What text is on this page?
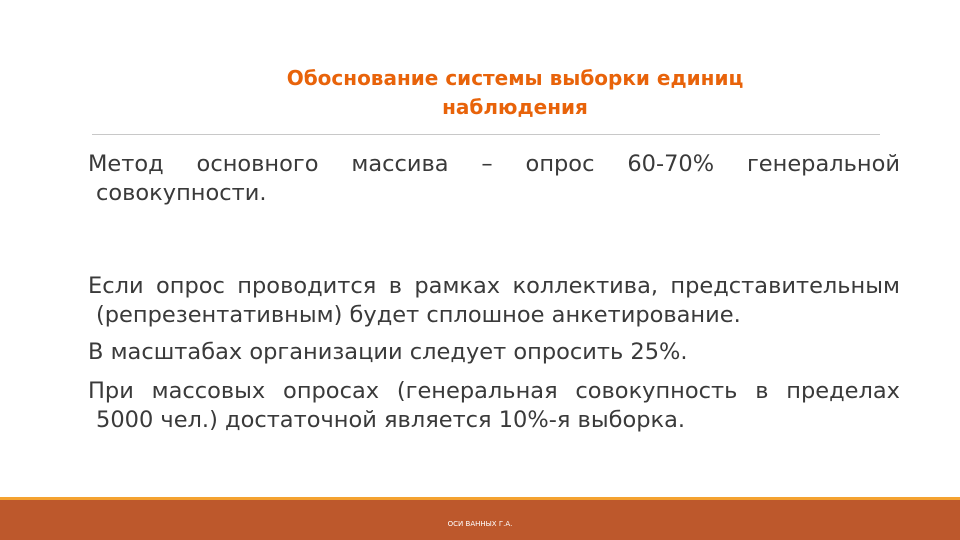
Обоснование системы выборки единиц
наблюдения

Метод основного массива – опрос 60-70% генеральной совокупности.

Если опрос проводится в рамках коллектива, представительным (репрезентативным) будет сплошное анкетирование.

В масштабах организации следует опросить 25%.

При массовых опросах (генеральная совокупность в пределах 5000 чел.) достаточной является 10%-я выборка.

ОСИ ВАННЫХ Г.А.
